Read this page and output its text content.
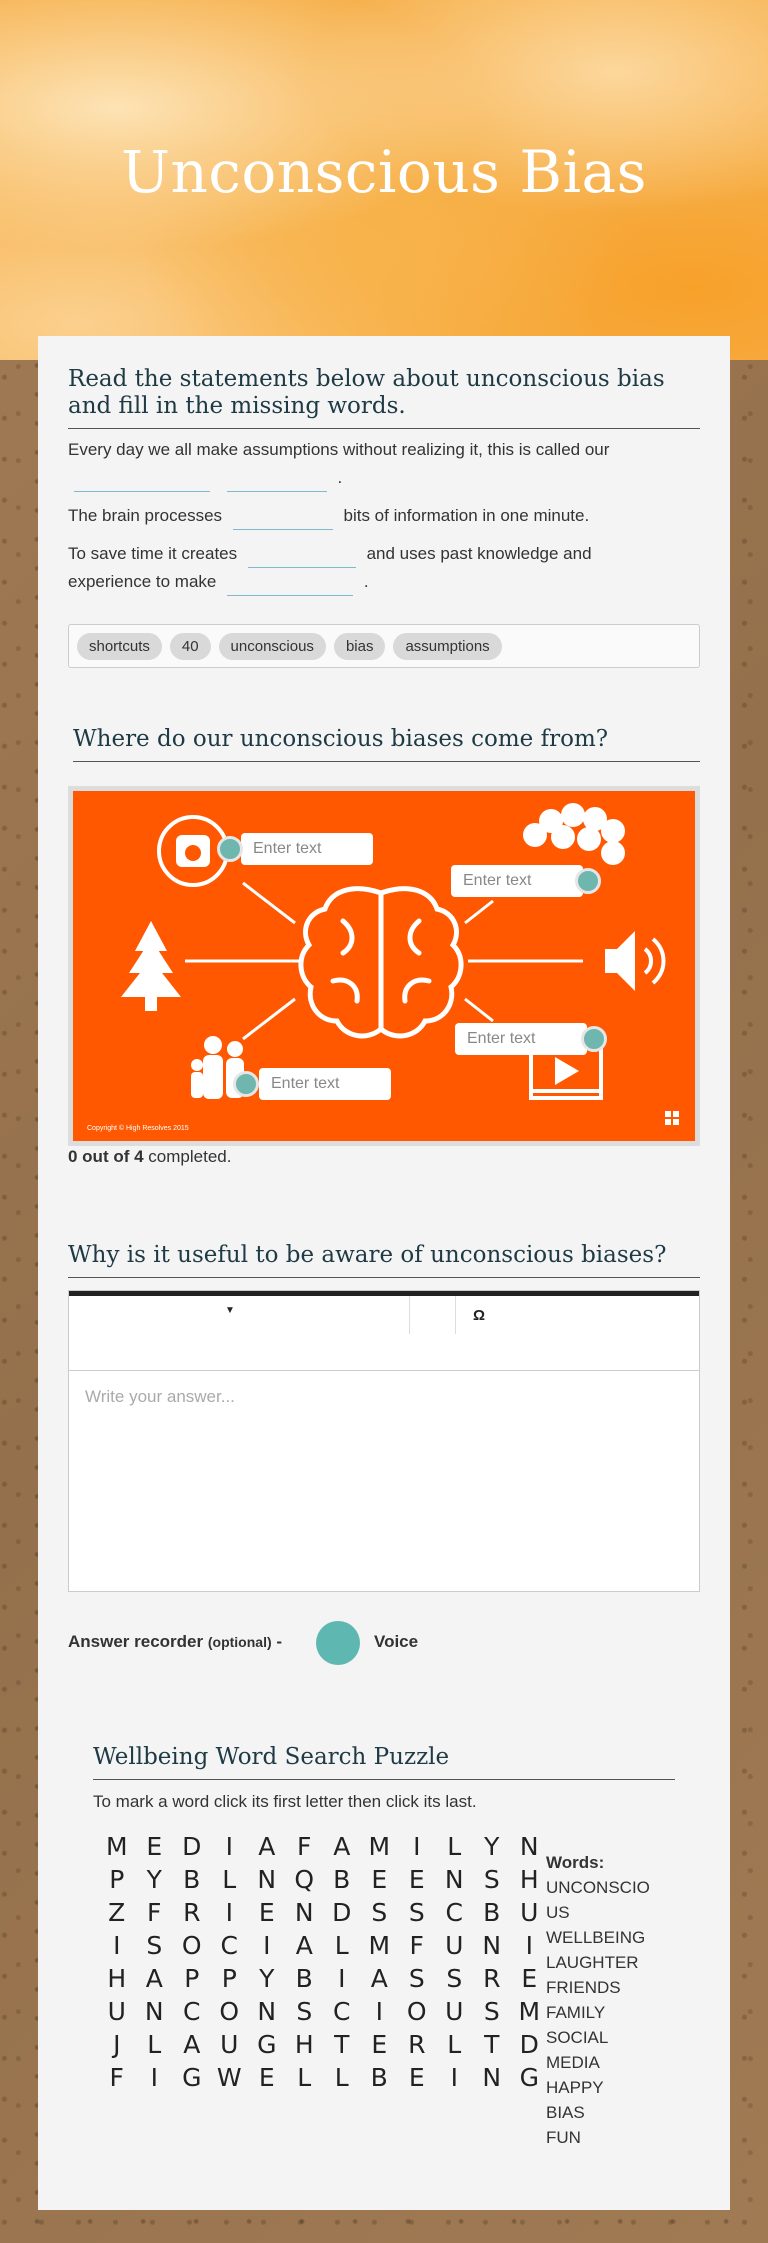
Unconscious Bias
Read the statements below about unconscious bias and fill in the missing words.
Every day we all make assumptions without realizing it, this is called our
.
The brain processes	bits of information in one minute.
To save time it creates	and uses past knowledge and
experience to make	.
shortcuts	40	unconscious	bias	assumptions
Where do our unconscious biases come from?
Enter text
Enter text
Enter text
Enter text
Copyright © High Resolves 2015
0 out of 4 completed.
Why is it useful to be aware of unconscious biases?
▼	Ω
Write your answer...
Answer recorder (optional) -	Voice
Wellbeing Word Search Puzzle
To mark a word click its first letter then click its last.
M E D I	A F A M I	L Y N
P Y B L N Q B E E N S H
Z F R	I	E N D S S C B U
I	S O C	I	A L M F U N I
H A P P Y B	I	A S S R E
U N C O N S C	I O U S M
J	L A U G H T E R L T D
F	I G W E L L B E	I N G
Words:
UNCONSCIO US
WELLBEING
LAUGHTER
FRIENDS
FAMILY
SOCIAL
MEDIA
HAPPY
BIAS
FUN
